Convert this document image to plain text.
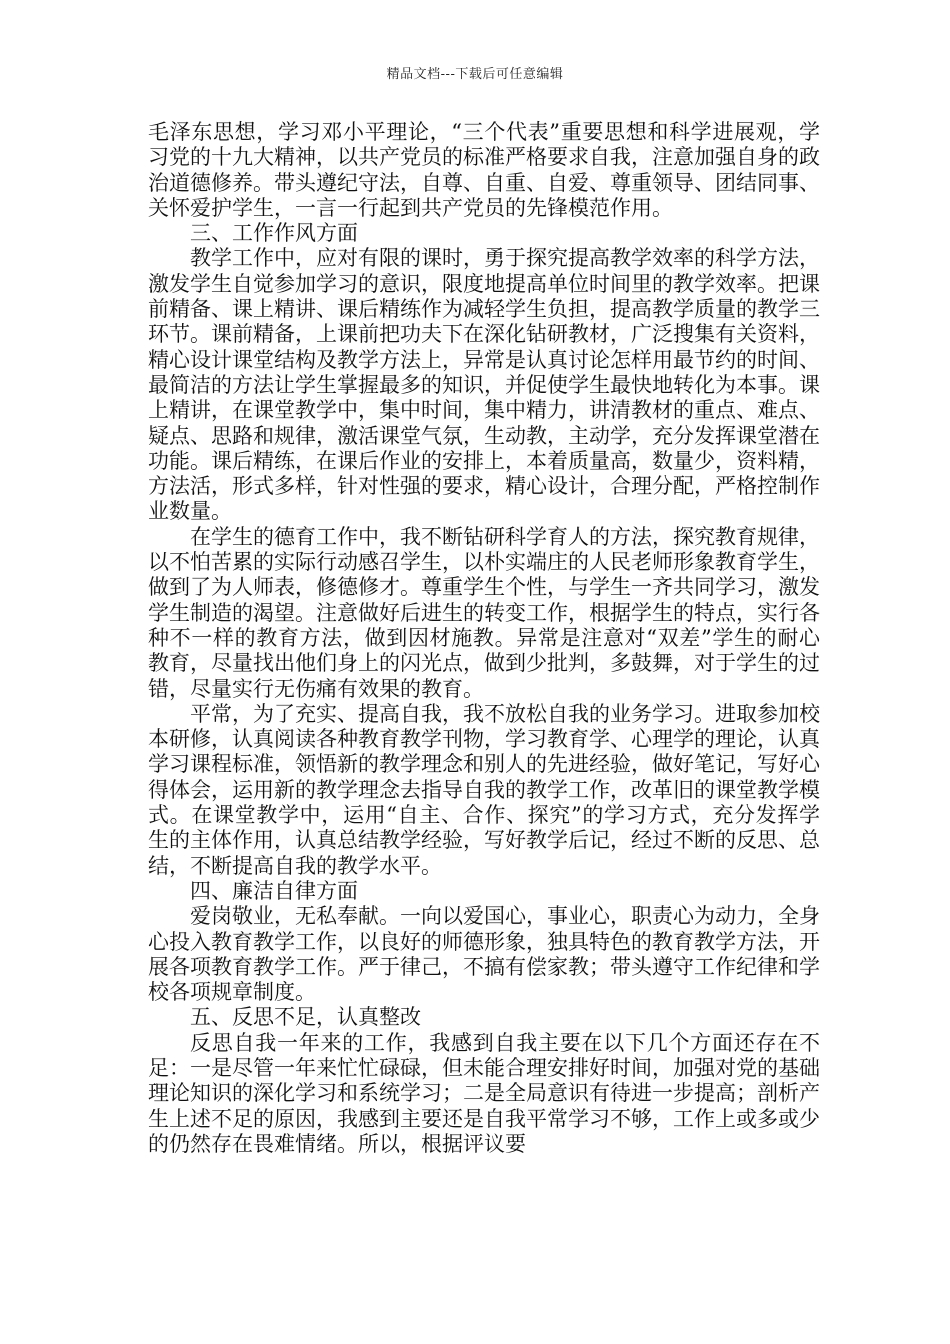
精品文档---下载后可任意编辑

毛泽东思想，学习邓小平理论，“三个代表”重要思想和科学进展观，学习党的十九大精神，以共产党员的标准严格要求自我，注意加强自身的政治道德修养。带头遵纪守法，自尊、自重、自爱、尊重领导、团结同事、关怀爱护学生，一言一行起到共产党员的先锋模范作用。

三、工作作风方面

教学工作中，应对有限的课时，勇于探究提高教学效率的科学方法，激发学生自觉参加学习的意识，限度地提高单位时间里的教学效率。把课前精备、课上精讲、课后精练作为减轻学生负担，提高教学质量的教学三环节。课前精备，上课前把功夫下在深化钻研教材，广泛搜集有关资料，精心设计课堂结构及教学方法上，异常是认真讨论怎样用最节约的时间、最简洁的方法让学生掌握最多的知识，并促使学生最快地转化为本事。课上精讲，在课堂教学中，集中时间，集中精力，讲清教材的重点、难点、疑点、思路和规律，激活课堂气氛，生动教，主动学，充分发挥课堂潜在功能。课后精练，在课后作业的安排上，本着质量高，数量少，资料精，方法活，形式多样，针对性强的要求，精心设计，合理分配，严格控制作业数量。

在学生的德育工作中，我不断钻研科学育人的方法，探究教育规律，以不怕苦累的实际行动感召学生，以朴实端庄的人民老师形象教育学生，做到了为人师表，修德修才。尊重学生个性，与学生一齐共同学习，激发学生制造的渴望。注意做好后进生的转变工作，根据学生的特点，实行各种不一样的教育方法，做到因材施教。异常是注意对“双差”学生的耐心教育，尽量找出他们身上的闪光点，做到少批判，多鼓舞，对于学生的过错，尽量实行无伤痛有效果的教育。

平常，为了充实、提高自我，我不放松自我的业务学习。进取参加校本研修，认真阅读各种教育教学刊物，学习教育学、心理学的理论，认真学习课程标准，领悟新的教学理念和别人的先进经验，做好笔记，写好心得体会，运用新的教学理念去指导自我的教学工作，改革旧的课堂教学模式。在课堂教学中，运用“自主、合作、探究”的学习方式，充分发挥学生的主体作用，认真总结教学经验，写好教学后记，经过不断的反思、总结，不断提高自我的教学水平。

四、廉洁自律方面

爱岗敬业，无私奉献。一向以爱国心，事业心，职责心为动力，全身心投入教育教学工作，以良好的师德形象，独具特色的教育教学方法，开展各项教育教学工作。严于律己，不搞有偿家教；带头遵守工作纪律和学校各项规章制度。

五、反思不足，认真整改

反思自我一年来的工作，我感到自我主要在以下几个方面还存在不足：一是尽管一年来忙忙碌碌，但未能合理安排好时间，加强对党的基础理论知识的深化学习和系统学习；二是全局意识有待进一步提高；剖析产生上述不足的原因，我感到主要还是自我平常学习不够，工作上或多或少的仍然存在畏难情绪。所以，根据评议要
